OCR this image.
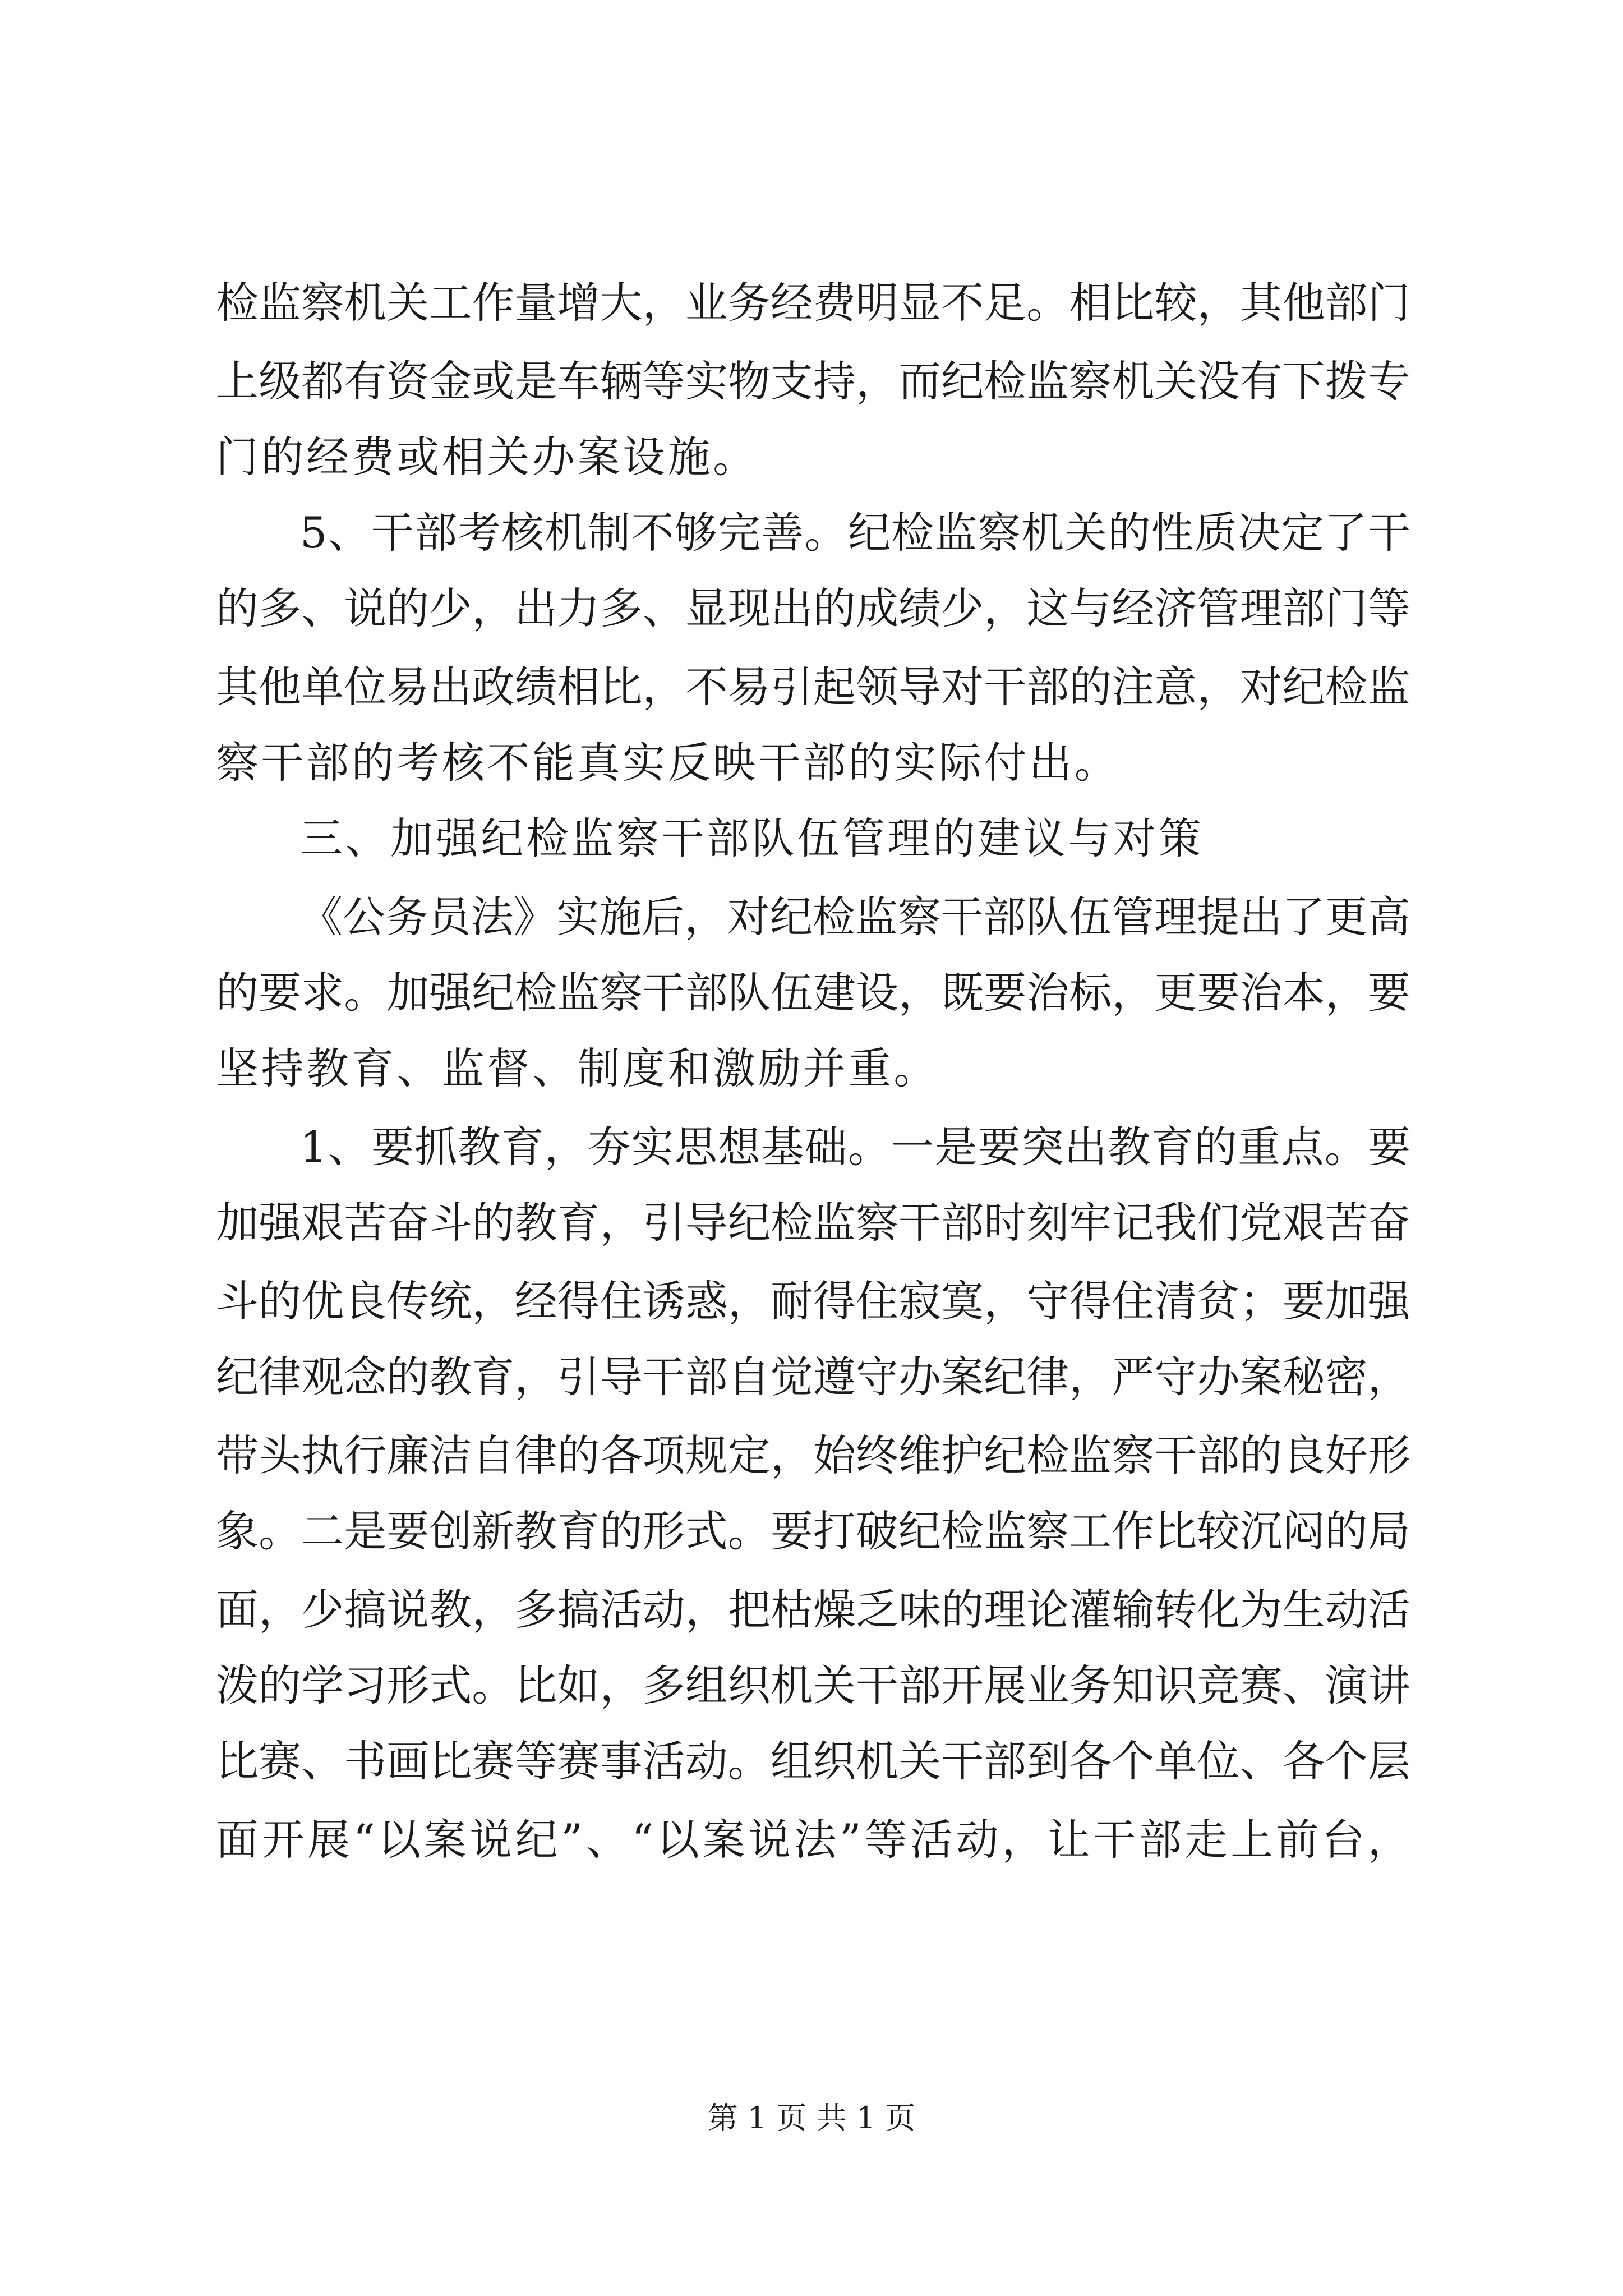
检 监 察 机 关 工 作 量 增 大 ， 业 务 经 费 明 显 不 足 。 相 比 较 ， 其 他 部 门
上 级 都 有 资 金 或 是 车 辆 等 实 物 支 持 ， 而 纪 检 监 察 机 关 没 有 下 拨 专
门的经费或相关办案设施。
5 、 干 部 考 核 机 制 不 够 完 善 。 纪 检 监 察 机 关 的 性 质 决 定 了 干
的 多 、 说 的 少 ， 出 力 多 、 显 现 出 的 成 绩 少 ， 这 与 经 济 管 理 部 门 等
其 他 单 位 易 出 政 绩 相 比 ， 不 易 引 起 领 导 对 干 部 的 注 意 ， 对 纪 检 监
察干部的考核不能真实反映干部的实际付出。
三、加强纪检监察干部队伍管理的建议与对策
《 公 务 员 法 》 实 施 后 ， 对 纪 检 监 察 干 部 队 伍 管 理 提 出 了 更 高
的 要 求 。 加 强 纪 检 监 察 干 部 队 伍 建 设 ， 既 要 治 标 ， 更 要 治 本 ， 要
坚持教育、监督、制度和激励并重。
1 、 要 抓 教 育 ， 夯 实 思 想 基 础 。 一 是 要 突 出 教 育 的 重 点 。 要
加 强 艰 苦 奋 斗 的 教 育 ， 引 导 纪 检 监 察 干 部 时 刻 牢 记 我 们 党 艰 苦 奋
斗 的 优 良 传 统 ， 经 得 住 诱 惑 ， 耐 得 住 寂 寞 ， 守 得 住 清 贫 ； 要 加 强
纪 律 观 念 的 教 育 ， 引 导 干 部 自 觉 遵 守 办 案 纪 律 ， 严 守 办 案 秘 密 ，
带 头 执 行 廉 洁 自 律 的 各 项 规 定 ， 始 终 维 护 纪 检 监 察 干 部 的 良 好 形
象 。 二 是 要 创 新 教 育 的 形 式 。 要 打 破 纪 检 监 察 工 作 比 较 沉 闷 的 局
面 ， 少 搞 说 教 ， 多 搞 活 动 ， 把 枯 燥 乏 味 的 理 论 灌 输 转 化 为 生 动 活
泼 的 学 习 形 式 。 比 如 ， 多 组 织 机 关 干 部 开 展 业 务 知 识 竞 赛 、 演 讲
比 赛 、 书 画 比 赛 等 赛 事 活 动 。 组 织 机 关 干 部 到 各 个 单 位 、 各 个 层
面 开 展 “ 以 案 说 纪 ” 、 “ 以 案 说 法 ” 等 活 动 ， 让 干 部 走 上 前 台 ，
第 1 页 共 1 页
